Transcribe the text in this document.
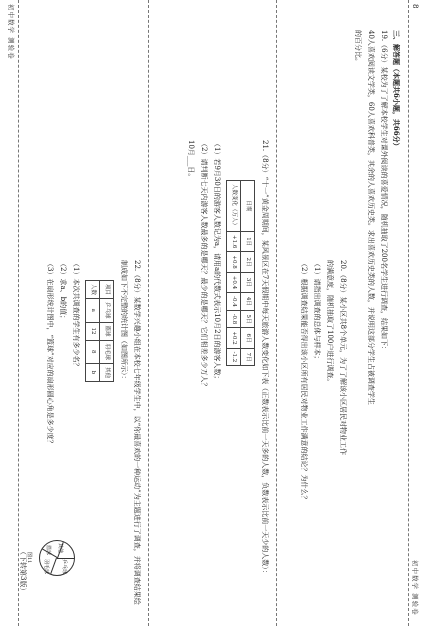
8
（下转第3版）

三、解答题（本题共6小题，共66分）

19.（6分）某校为了了解本校学生对课外阅读的喜爱情况，随机抽取了200名学生进行调查，结果如下：

40人喜欢阅读文学类，60人喜欢科普类，其余的人喜欢历史类。求出喜欢历史类的人数，并说明这部分学生占被调查学生的百分比。

20.（8分）某小区共8个单元，为了了解该小区居民对物业工作

的满意度，随机抽取了100户进行调查。

（1）请指出调查的总体与样本；

（2）根据调查结果能否得出该小区所有居民对物业工作满意的结论？为什么？

21.（8分）“十一”黄金周期间，某风景区在7天假期中每天旅游人数变化如下表（正数表示比前一天多的人数，负数表示比前一天少的人数）：

日期	1日	2日	3日	4日	5日	6日	7日
人数变化（万人）	+1.6	+0.8	+0.4	-0.4	-0.8	+0.2	-1.2

（1）若9月30日的游客人数记为a，请用a的代数式表示10月2日的游客人数；

（2）请判断七天内游客人数最多的是哪天？最少的是哪天？它们相差多少万人？

10月___日。

22.（8分）某数学兴趣小组在本校七年级学生中，以“你最喜欢的一种运动”为主题进行了调查，并将调查结果绘制成如下不完整的统计图（如图所示）：

项目	乒乓球	篮球	羽毛球	其他
人数	a	12	8	b

（1）本次共调查的学生有多少名？

（2）求a、b的值；

（3）在扇形统计图中，“篮球”对应的扇形圆心角是多少度？

乒乓球
篮球
羽毛球
其他
图11
初中数学 测验卷
初中数学 测验卷
